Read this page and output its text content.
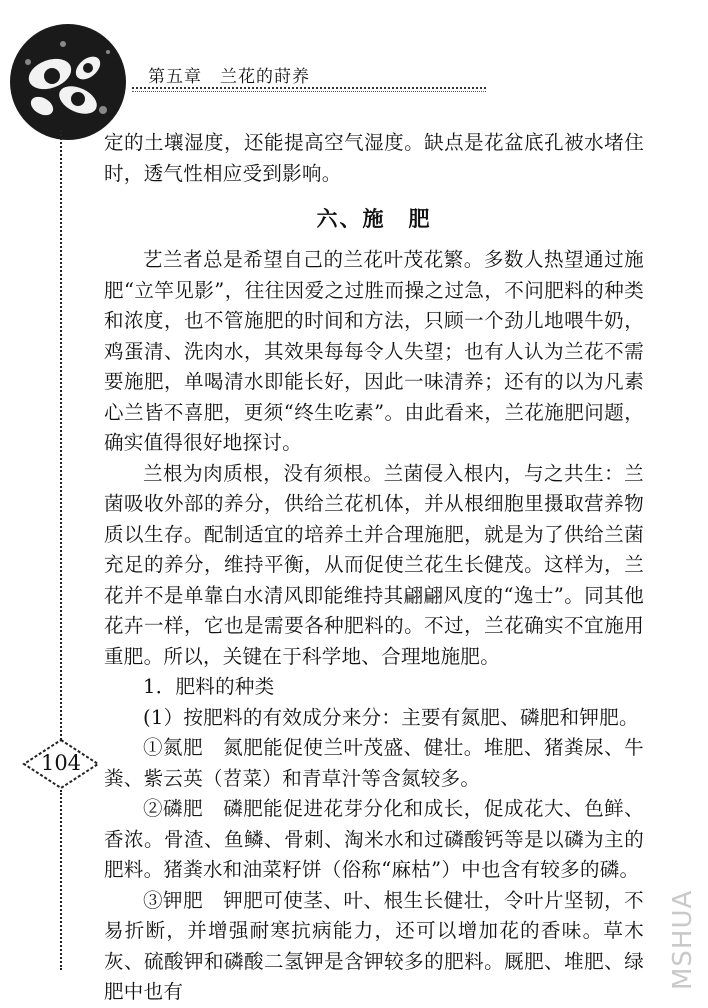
第五章　兰花的莳养
104

定的土壤湿度，还能提高空气湿度。缺点是花盆底孔被水堵住时，透气性相应受到影响。

六、施　肥

艺兰者总是希望自己的兰花叶茂花繁。多数人热望通过施肥“立竿见影”，往往因爱之过胜而操之过急，不问肥料的种类和浓度，也不管施肥的时间和方法，只顾一个劲儿地喂牛奶，鸡蛋清、洗肉水，其效果每每令人失望；也有人认为兰花不需要施肥，单喝清水即能长好，因此一味清养；还有的以为凡素心兰皆不喜肥，更须“终生吃素”。由此看来，兰花施肥问题，确实值得很好地探讨。

兰根为肉质根，没有须根。兰菌侵入根内，与之共生：兰菌吸收外部的养分，供给兰花机体，并从根细胞里摄取营养物质以生存。配制适宜的培养土并合理施肥，就是为了供给兰菌充足的养分，维持平衡，从而促使兰花生长健茂。这样为，兰花并不是单靠白水清风即能维持其翩翩风度的“逸士”。同其他花卉一样，它也是需要各种肥料的。不过，兰花确实不宜施用重肥。所以，关键在于科学地、合理地施肥。

1．肥料的种类

(1）按肥料的有效成分来分：主要有氮肥、磷肥和钾肥。

①氮肥　氮肥能促使兰叶茂盛、健壮。堆肥、猪粪尿、牛粪、紫云英（苕菜）和青草汁等含氮较多。

②磷肥　磷肥能促进花芽分化和成长，促成花大、色鲜、香浓。骨渣、鱼鳞、骨刺、淘米水和过磷酸钙等是以磷为主的肥料。猪粪水和油菜籽饼（俗称“麻枯”）中也含有较多的磷。

③钾肥　钾肥可使茎、叶、根生长健壮，令叶片坚韧，不易折断，并增强耐寒抗病能力，还可以增加花的香味。草木灰、硫酸钾和磷酸二氢钾是含钾较多的肥料。厩肥、堆肥、绿肥中也有

MSHUA
